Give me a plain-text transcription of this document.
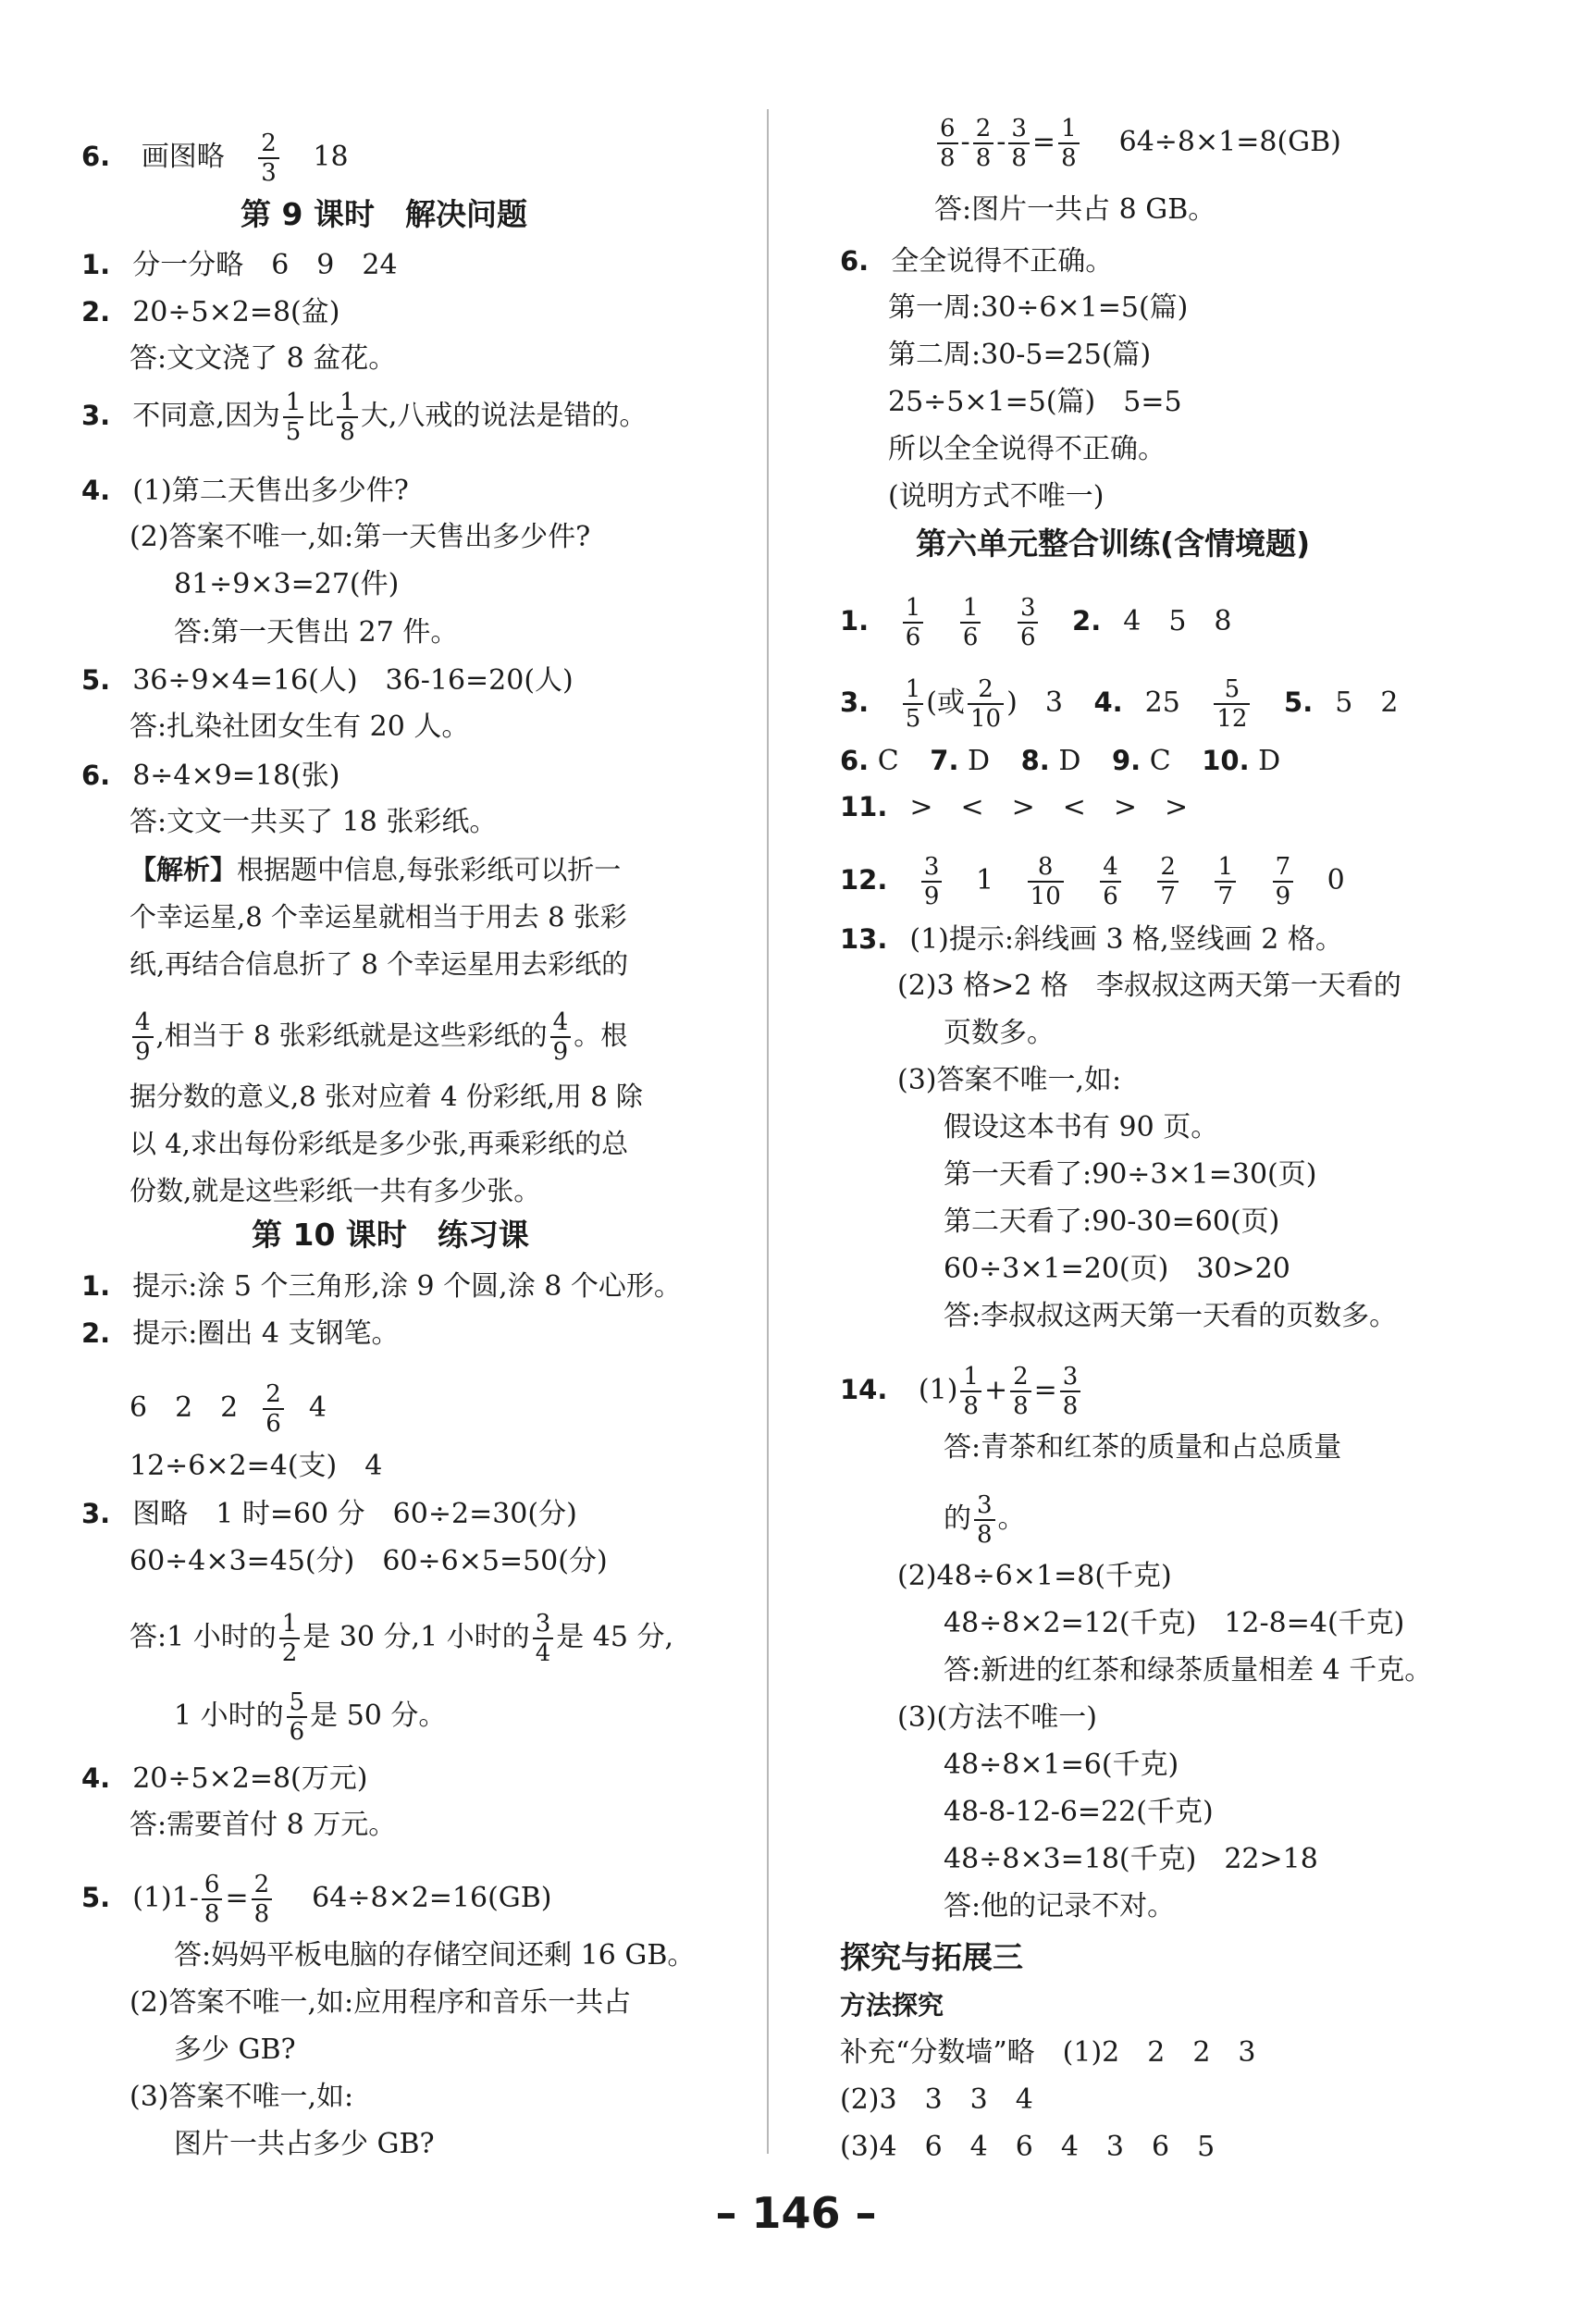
6. 画图略 $\frac{2}{3} 18$
第 9 课时　解决问题
1. 分一分略　6　9　24
2. 20÷5×2=8(盆)
答:文文浇了 8 盆花。
3. 不同意,因为 $\frac{1}{5}$ 比 $\frac{1}{8}$ 大,八戒的说法是错的。
4. (1)第二天售出多少件?
(2)答案不唯一,如:第一天售出多少件?
81÷9×3=27(件)
答:第一天售出 27 件。
5. 36÷9×4=16(人)　36-16=20(人)
答:扎染社团女生有 20 人。
6. 8÷4×9=18(张)
答:文文一共买了 18 张彩纸。
【解析】根据题中信息,每张彩纸可以折一
个幸运星,8 个幸运星就相当于用去 8 张彩
纸,再结合信息折了 8 个幸运星用去彩纸的
$\frac{4}{9}$ ,相当于 8 张彩纸就是这些彩纸的 $\frac{4}{9}$ 。根
据分数的意义,8 张对应着 4 份彩纸,用 8 除
以 4,求出每份彩纸是多少张,再乘彩纸的总
份数,就是这些彩纸一共有多少张。
第 10 课时　练习课
1. 提示:涂 5 个三角形,涂 9 个圆,涂 8 个心形。
2. 提示:圈出 4 支钢笔。
6　2　$2 \frac{2}{6} 4$
12÷6×2=4(支)　4
3. 图略　1 时=60 分　60÷2=30(分)
60÷4×3=45(分)　60÷6×5=50(分)
答:1 小时的 $\frac{1}{2}$ 是 30 分,1 小时的 $\frac{3}{4}$ 是 45 分,
1 小时的 $\frac{5}{6}$ 是 50 分。
4. 20÷5×2=8(万元)
答:需要首付 8 万元。
5. $(1)1- \frac{6}{8} = \frac{2}{8} 64\div 8\times 2=16(GB)$
答:妈妈平板电脑的存储空间还剩 16 GB。
(2)答案不唯一,如:应用程序和音乐一共占
多少 GB?
(3)答案不唯一,如:
图片一共占多少 GB?
$\frac{6}{8} - \frac{2}{8} - \frac{3}{8} = \frac{1}{8} 64\div 8\times 1=8(GB)$
答:图片一共占 8 GB。
6. 全全说得不正确。
第一周:30÷6×1=5(篇)
第二周:30-5=25(篇)
25÷5×1=5(篇)　5=5
所以全全说得不正确。
(说明方式不唯一)
第六单元整合训练(含情境题)
1. $\frac{1}{6}$
$\frac{1}{6}$
$\frac{3}{6} 2$. 4　5　8
3. $\frac{1}{5}$ (或 $\frac{2}{10}$ )　3 4. $25 \frac{5}{12} 5$. 5　2
6. C 7. D 8. D 9. C 10. D
11. >　<　>　<　>　>
12. $\frac{3}{9} 1 \frac{8}{10}$
$\frac{4}{6}$
$\frac{2}{7}$
$\frac{1}{7}$
$\frac{7}{9} 0$
13. (1)提示:斜线画 3 格,竖线画 2 格。
(2)3 格>2 格　李叔叔这两天第一天看的
页数多。
(3)答案不唯一,如:
假设这本书有 90 页。
第一天看了:90÷3×1=30(页)
第二天看了:90-30=60(页)
60÷3×1=20(页)　30>20
答:李叔叔这两天第一天看的页数多。
14. $(1) \frac{1}{8} + \frac{2}{8} = \frac{3}{8}$
答:青茶和红茶的质量和占总质量
的 $\frac{3}{8}$ 。
(2)48÷6×1=8(千克)
48÷8×2=12(千克)　12-8=4(千克)
答:新进的红茶和绿茶质量相差 4 千克。
(3)(方法不唯一)
48÷8×1=6(千克)
48-8-12-6=22(千克)
48÷8×3=18(千克)　22>18
答:他的记录不对。
探究与拓展三
方法探究
补充“分数墙”略　(1)2　2　2　3
(2)3　3　3　4
(3)4　6　4　6　4　3　6　5
– 146 –
